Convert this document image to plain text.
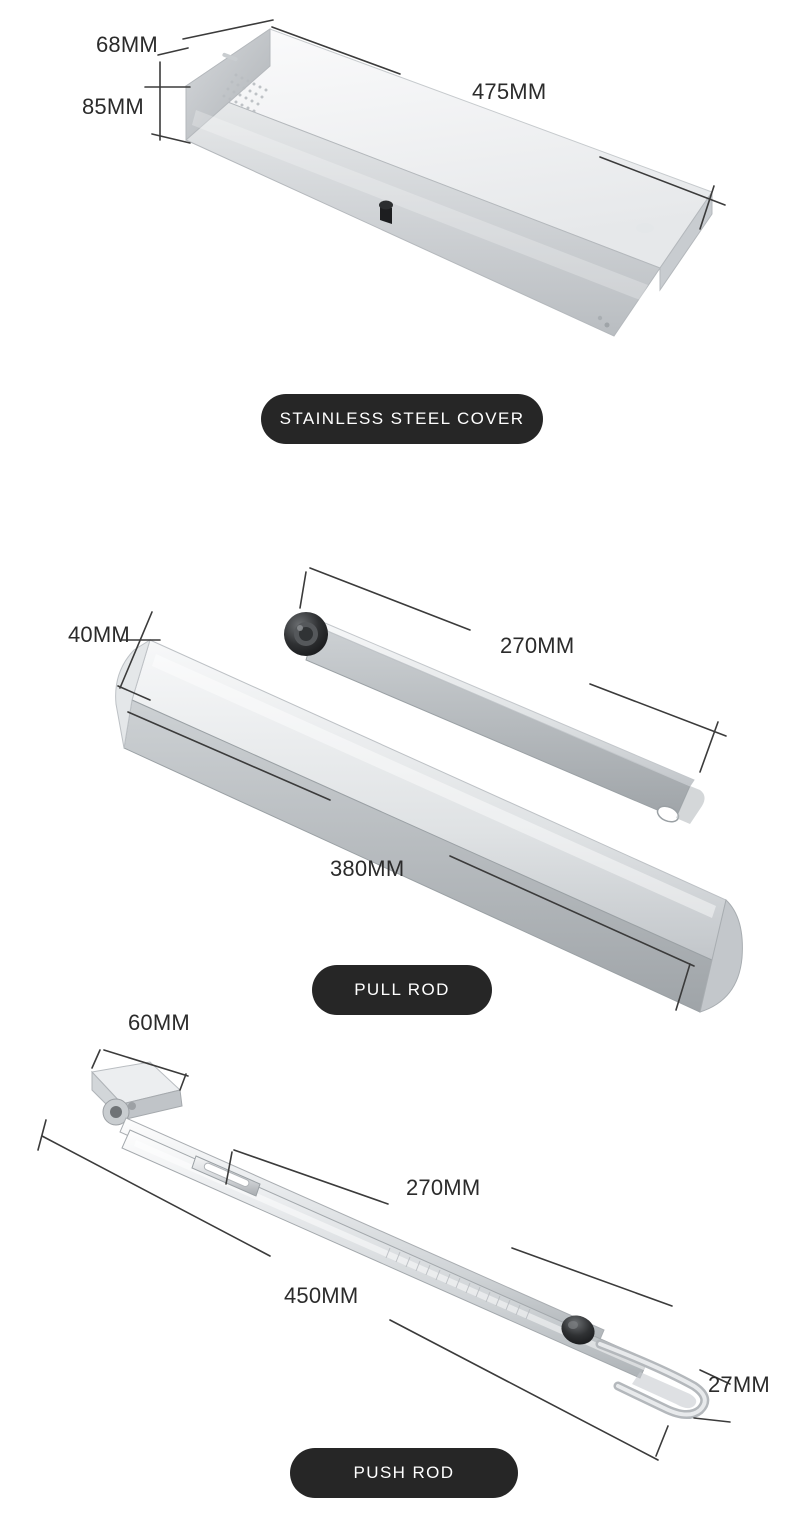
68MM
85MM
475MM
40MM	270MM
380MM
60MM
270MM
450MM
27MM
STAINLESS STEEL COVER
PULL ROD
PUSH ROD
